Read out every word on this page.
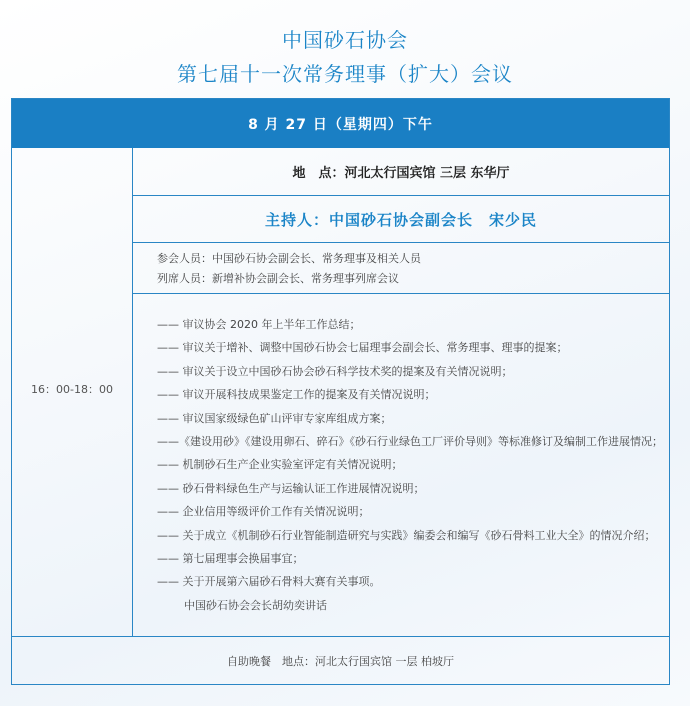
中国砂石协会
第七届十一次常务理事（扩大）会议
8 月 27 日（星期四）下午
16：00-18：00
地　点：河北太行国宾馆 三层 东华厅
主持人：中国砂石协会副会长　宋少民
参会人员：中国砂石协会副会长、常务理事及相关人员
列席人员：新增补协会副会长、常务理事列席会议
—— 审议协会 2020 年上半年工作总结；
—— 审议关于增补、调整中国砂石协会七届理事会副会长、常务理事、理事的提案；
—— 审议关于设立中国砂石协会砂石科学技术奖的提案及有关情况说明；
—— 审议开展科技成果鉴定工作的提案及有关情况说明；
—— 审议国家级绿色矿山评审专家库组成方案；
——《建设用砂》《建设用卵石、碎石》《砂石行业绿色工厂评价导则》等标准修订及编制工作进展情况；
—— 机制砂石生产企业实验室评定有关情况说明；
—— 砂石骨料绿色生产与运输认证工作进展情况说明；
—— 企业信用等级评价工作有关情况说明；
—— 关于成立《机制砂石行业智能制造研究与实践》编委会和编写《砂石骨料工业大全》的情况介绍；
—— 第七届理事会换届事宜；
—— 关于开展第六届砂石骨料大赛有关事项。
中国砂石协会会长胡幼奕讲话
自助晚餐　地点：河北太行国宾馆 一层 柏坡厅
